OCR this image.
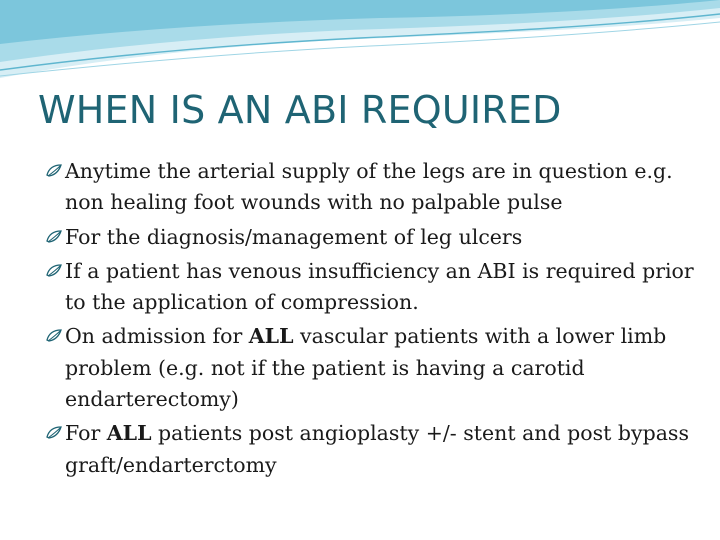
WHEN IS AN ABI REQUIRED
Anytime the arterial supply of the legs are in question e.g. non healing foot wounds with no palpable pulse
For the diagnosis/management of leg ulcers
If a patient has venous insufficiency an ABI is required prior to the application of compression.
On admission for ALL vascular patients with a lower limb problem (e.g. not if the patient is having a carotid endarterectomy)
For ALL patients post angioplasty +/- stent and post bypass graft/endarterctomy
